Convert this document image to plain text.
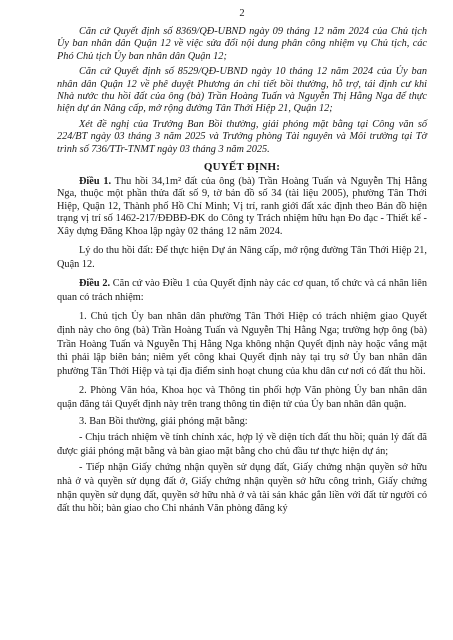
2

Căn cứ Quyết định số 8369/QĐ-UBND ngày 09 tháng 12 năm 2024 của Chủ tịch Ủy ban nhân dân Quận 12 về việc sửa đổi nội dung phân công nhiệm vụ Chủ tịch, các Phó Chủ tịch Ủy ban nhân dân Quận 12;

Căn cứ Quyết định số 8529/QĐ-UBND ngày 10 tháng 12 năm 2024 của Ủy ban nhân dân Quận 12 về phê duyệt Phương án chi tiết bồi thường, hỗ trợ, tái định cư khi Nhà nước thu hồi đất của ông (bà) Trần Hoàng Tuấn và Nguyễn Thị Hằng Nga để thực hiện dự án Nâng cấp, mở rộng đường Tân Thới Hiệp 21, Quận 12;

Xét đề nghị của Trưởng Ban Bồi thường, giải phóng mặt bằng tại Công văn số 224/BT ngày 03 tháng 3 năm 2025 và Trưởng phòng Tài nguyên và Môi trường tại Tờ trình số 736/TTr-TNMT ngày 03 tháng 3 năm 2025.

QUYẾT ĐỊNH:

Điều 1. Thu hồi 34,1m² đất của ông (bà) Trần Hoàng Tuấn và Nguyễn Thị Hằng Nga, thuộc một phần thửa đất số 9, tờ bản đồ số 34 (tài liệu 2005), phường Tân Thới Hiệp, Quận 12, Thành phố Hồ Chí Minh; Vị trí, ranh giới đất xác định theo Bản đồ hiện trạng vị trí số 1462-217/ĐĐBĐ-ĐK do Công ty Trách nhiệm hữu hạn Đo đạc - Thiết kế - Xây dựng Đăng Khoa lập ngày 02 tháng 12 năm 2024.

Lý do thu hồi đất: Để thực hiện Dự án Nâng cấp, mở rộng đường Tân Thới Hiệp 21, Quận 12.

Điều 2. Căn cứ vào Điều 1 của Quyết định này các cơ quan, tổ chức và cá nhân liên quan có trách nhiệm:

1. Chủ tịch Ủy ban nhân dân phường Tân Thới Hiệp có trách nhiệm giao Quyết định này cho ông (bà) Trần Hoàng Tuấn và Nguyễn Thị Hằng Nga; trường hợp ông (bà) Trần Hoàng Tuấn và Nguyễn Thị Hằng Nga không nhận Quyết định này hoặc vắng mặt thì phải lập biên bản; niêm yết công khai Quyết định này tại trụ sở Ủy ban nhân dân phường Tân Thới Hiệp và tại địa điểm sinh hoạt chung của khu dân cư nơi có đất thu hồi.

2. Phòng Văn hóa, Khoa học và Thông tin phối hợp Văn phòng Ủy ban nhân dân quận đăng tải Quyết định này trên trang thông tin điện tử của Ủy ban nhân dân quận.

3. Ban Bồi thường, giải phóng mặt bằng:

- Chịu trách nhiệm về tính chính xác, hợp lý về diện tích đất thu hồi; quản lý đất đã được giải phóng mặt bằng và bàn giao mặt bằng cho chủ đầu tư thực hiện dự án;

- Tiếp nhận Giấy chứng nhận quyền sử dụng đất, Giấy chứng nhận quyền sở hữu nhà ở và quyền sử dụng đất ở, Giấy chứng nhận quyền sở hữu công trình, Giấy chứng nhận quyền sử dụng đất, quyền sở hữu nhà ở và tài sản khác gắn liền với đất từ người có đất thu hồi; bàn giao cho Chi nhánh Văn phòng đăng ký
